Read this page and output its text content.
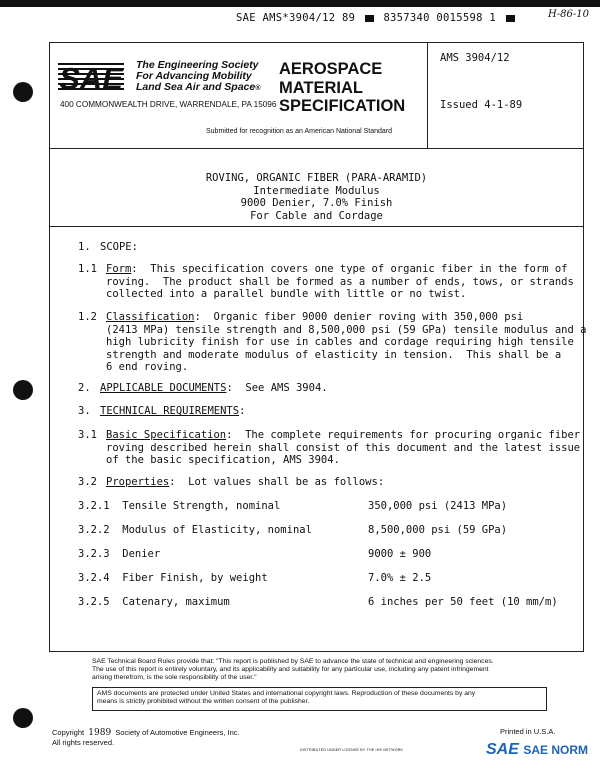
SAE AMS*3904/12 89	8357340 0015598 1	H-86-10
SAE The Engineering Society
For Advancing Mobility
Land Sea Air and Space®
400 COMMONWEALTH DRIVE, WARRENDALE, PA 15096
AEROSPACE
MATERIAL
SPECIFICATION
Submitted for recognition as an American National Standard
AMS 3904/12
Issued 4-1-89
ROVING, ORGANIC FIBER (PARA-ARAMID)
Intermediate Modulus
9000 Denier, 7.0% Finish
For Cable and Cordage
1. SCOPE:
1.1 Form:  This specification covers one type of organic fiber in the form of
roving.  The product shall be formed as a number of ends, tows, or strands
collected into a parallel bundle with little or no twist.
1.2 Classification:  Organic fiber 9000 denier roving with 350,000 psi
(2413 MPa) tensile strength and 8,500,000 psi (59 GPa) tensile modulus and a
high lubricity finish for use in cables and cordage requiring high tensile
strength and moderate modulus of elasticity in tension.  This shall be a
6 end roving.
2. APPLICABLE DOCUMENTS:  See AMS 3904.
3. TECHNICAL REQUIREMENTS:
3.1 Basic Specification:  The complete requirements for procuring organic fiber
roving described herein shall consist of this document and the latest issue
of the basic specification, AMS 3904.
3.2 Properties:  Lot values shall be as follows:
3.2.1 Tensile Strength, nominal	350,000 psi (2413 MPa)
3.2.2 Modulus of Elasticity, nominal	8,500,000 psi (59 GPa)
3.2.3 Denier	9000 ± 900
3.2.4 Fiber Finish, by weight	7.0% ± 2.5
3.2.5 Catenary, maximum	6 inches per 50 feet (10 mm/m)
SAE Technical Board Rules provide that: "This report is published by SAE to advance the state of technical and engineering sciences.
The use of this report is entirely voluntary, and its applicability and suitability for any particular use, including any patent infringement
arising therefrom, is the sole responsibility of the user."
AMS documents are protected under United States and international copyright laws. Reproduction of these documents by any
means is strictly prohibited without the written consent of the publisher.
Copyright 1989 Society of Automotive Engineers, Inc.
All rights reserved.
Printed in U.S.A.
DISTRIBUTED UNDER LICENSE BY THE IHS NETWORK	SAE SAE NORM
